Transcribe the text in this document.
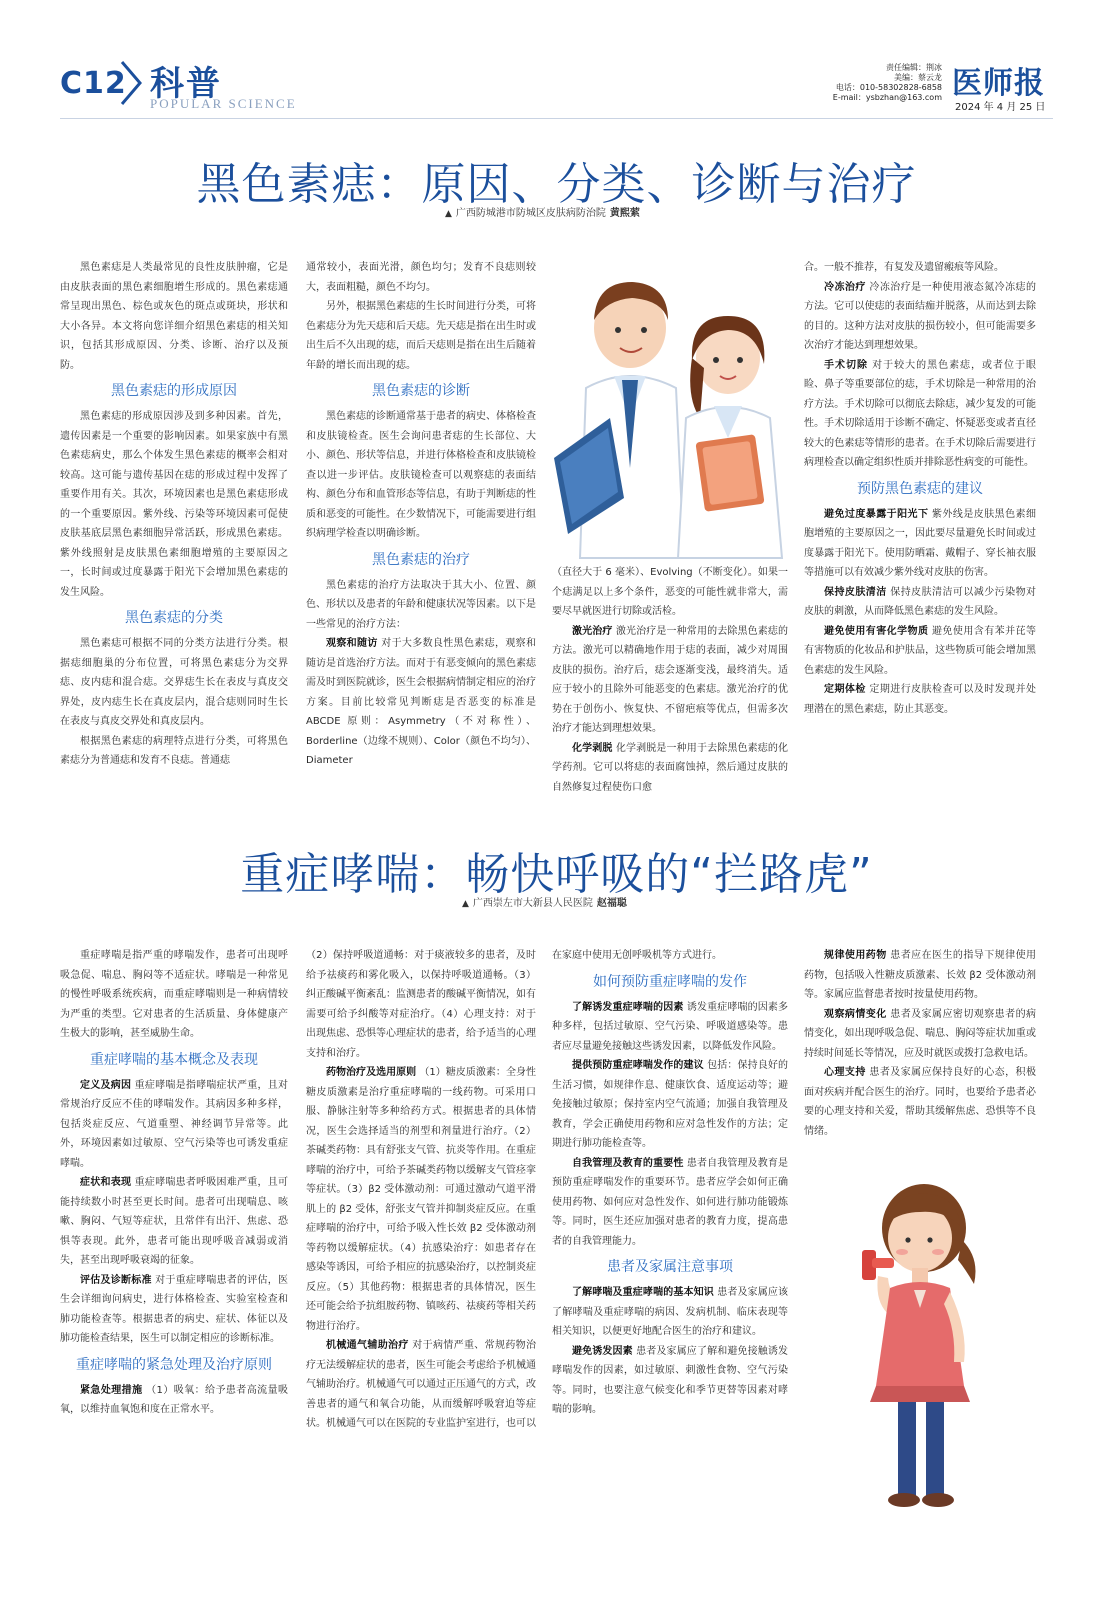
C12 科普
POPULAR SCIENCE
责任编辑：荆冰
美编：蔡云龙
电话：010-58302828-6858
E-mail：ysbzhan@163.com 医师报
2024 年 4 月 25 日
黑色素痣：原因、分类、诊断与治疗
▲ 广西防城港市防城区皮肤病防治院 黄熙萦

黑色素痣是人类最常见的良性皮肤肿瘤，它是由皮肤表面的黑色素细胞增生形成的。黑色素痣通常呈现出黑色、棕色或灰色的斑点或斑块，形状和大小各异。本文将向您详细介绍黑色素痣的相关知识，包括其形成原因、分类、诊断、治疗以及预防。

黑色素痣的形成原因

黑色素痣的形成原因涉及到多种因素。首先，遗传因素是一个重要的影响因素。如果家族中有黑色素痣病史，那么个体发生黑色素痣的概率会相对较高。这可能与遗传基因在痣的形成过程中发挥了重要作用有关。其次，环境因素也是黑色素痣形成的一个重要原因。紫外线、污染等环境因素可促使皮肤基底层黑色素细胞异常活跃，形成黑色素痣。紫外线照射是皮肤黑色素细胞增殖的主要原因之一，长时间或过度暴露于阳光下会增加黑色素痣的发生风险。

黑色素痣的分类

黑色素痣可根据不同的分类方法进行分类。根据痣细胞巢的分布位置，可将黑色素痣分为交界痣、皮内痣和混合痣。交界痣生长在表皮与真皮交界处，皮内痣生长在真皮层内，混合痣则同时生长在表皮与真皮交界处和真皮层内。

根据黑色素痣的病理特点进行分类，可将黑色素痣分为普通痣和发育不良痣。普通痣

通常较小，表面光滑，颜色均匀；发育不良痣则较大，表面粗糙，颜色不均匀。

另外，根据黑色素痣的生长时间进行分类，可将色素痣分为先天痣和后天痣。先天痣是指在出生时或出生后不久出现的痣，而后天痣则是指在出生后随着年龄的增长而出现的痣。

黑色素痣的诊断

黑色素痣的诊断通常基于患者的病史、体格检查和皮肤镜检查。医生会询问患者痣的生长部位、大小、颜色、形状等信息，并进行体格检查和皮肤镜检查以进一步评估。皮肤镜检查可以观察痣的表面结构、颜色分布和血管形态等信息，有助于判断痣的性质和恶变的可能性。在少数情况下，可能需要进行组织病理学检查以明确诊断。

黑色素痣的治疗

黑色素痣的治疗方法取决于其大小、位置、颜色、形状以及患者的年龄和健康状况等因素。以下是一些常见的治疗方法：

观察和随访 对于大多数良性黑色素痣，观察和随访是首选治疗方法。而对于有恶变倾向的黑色素痣需及时到医院就诊，医生会根据病情制定相应的治疗方案。目前比较常见判断痣是否恶变的标准是 ABCDE 原则：Asymmetry（不对称性）、Borderline（边缘不规则）、Color（颜色不均匀）、Diameter

（直径大于 6 毫米）、Evolving（不断变化）。如果一个痣满足以上多个条件，恶变的可能性就非常大，需要尽早就医进行切除或活检。

激光治疗 激光治疗是一种常用的去除黑色素痣的方法。激光可以精确地作用于痣的表面，减少对周围皮肤的损伤。治疗后，痣会逐渐变浅，最终消失。适应于较小的且除外可能恶变的色素痣。激光治疗的优势在于创伤小、恢复快、不留疤痕等优点，但需多次治疗才能达到理想效果。

化学剥脱 化学剥脱是一种用于去除黑色素痣的化学药剂。它可以将痣的表面腐蚀掉，然后通过皮肤的自然修复过程使伤口愈

合。一般不推荐，有复发及遗留瘢痕等风险。

冷冻治疗 冷冻治疗是一种使用液态氮冷冻痣的方法。它可以使痣的表面结痂并脱落，从而达到去除的目的。这种方法对皮肤的损伤较小，但可能需要多次治疗才能达到理想效果。

手术切除 对于较大的黑色素痣，或者位于眼睑、鼻子等重要部位的痣，手术切除是一种常用的治疗方法。手术切除可以彻底去除痣，减少复发的可能性。手术切除适用于诊断不确定、怀疑恶变或者直径较大的色素痣等情形的患者。在手术切除后需要进行病理检查以确定组织性质并排除恶性病变的可能性。

预防黑色素痣的建议

避免过度暴露于阳光下 紫外线是皮肤黑色素细胞增殖的主要原因之一，因此要尽量避免长时间或过度暴露于阳光下。使用防晒霜、戴帽子、穿长袖衣服等措施可以有效减少紫外线对皮肤的伤害。

保持皮肤清洁 保持皮肤清洁可以减少污染物对皮肤的刺激，从而降低黑色素痣的发生风险。

避免使用有害化学物质 避免使用含有苯并芘等有害物质的化妆品和护肤品，这些物质可能会增加黑色素痣的发生风险。

定期体检 定期进行皮肤检查可以及时发现并处理潜在的黑色素痣，防止其恶变。

重症哮喘：畅快呼吸的“拦路虎”
▲ 广西崇左市大新县人民医院 赵福聪

重症哮喘是指严重的哮喘发作，患者可出现呼吸急促、喘息、胸闷等不适症状。哮喘是一种常见的慢性呼吸系统疾病，而重症哮喘则是一种病情较为严重的类型。它对患者的生活质量、身体健康产生极大的影响，甚至威胁生命。

重症哮喘的基本概念及表现

定义及病因 重症哮喘是指哮喘症状严重，且对常规治疗反应不佳的哮喘发作。其病因多种多样，包括炎症反应、气道重塑、神经调节异常等。此外，环境因素如过敏原、空气污染等也可诱发重症哮喘。

症状和表现 重症哮喘患者呼吸困难严重，且可能持续数小时甚至更长时间。患者可出现喘息、咳嗽、胸闷、气短等症状，且常伴有出汗、焦虑、恐惧等表现。此外，患者可能出现呼吸音减弱或消失，甚至出现呼吸衰竭的征象。

评估及诊断标准 对于重症哮喘患者的评估，医生会详细询问病史，进行体格检查、实验室检查和肺功能检查等。根据患者的病史、症状、体征以及肺功能检查结果，医生可以制定相应的诊断标准。

重症哮喘的紧急处理及治疗原则

紧急处理措施 （1）吸氧：给予患者高流量吸氧，以维持血氧饱和度在正常水平。

（2）保持呼吸道通畅：对于痰液较多的患者，及时给予祛痰药和雾化吸入，以保持呼吸道通畅。（3）纠正酸碱平衡紊乱：监测患者的酸碱平衡情况，如有需要可给予纠酸等对症治疗。（4）心理支持：对于出现焦虑、恐惧等心理症状的患者，给予适当的心理支持和治疗。

药物治疗及选用原则 （1）糖皮质激素：全身性糖皮质激素是治疗重症哮喘的一线药物。可采用口服、静脉注射等多种给药方式。根据患者的具体情况，医生会选择适当的剂型和剂量进行治疗。（2）茶碱类药物：具有舒张支气管、抗炎等作用。在重症哮喘的治疗中，可给予茶碱类药物以缓解支气管痉挛等症状。（3）β2 受体激动剂：可通过激动气道平滑肌上的 β2 受体，舒张支气管并抑制炎症反应。在重症哮喘的治疗中，可给予吸入性长效 β2 受体激动剂等药物以缓解症状。（4）抗感染治疗：如患者存在感染等诱因，可给予相应的抗感染治疗，以控制炎症反应。（5）其他药物：根据患者的具体情况，医生还可能会给予抗组胺药物、镇咳药、祛痰药等相关药物进行治疗。

机械通气辅助治疗 对于病情严重、常规药物治疗无法缓解症状的患者，医生可能会考虑给予机械通气辅助治疗。机械通气可以通过正压通气的方式，改善患者的通气和氧合功能，从而缓解呼吸窘迫等症状。机械通气可以在医院的专业监护室进行，也可以

在家庭中使用无创呼吸机等方式进行。

如何预防重症哮喘的发作

了解诱发重症哮喘的因素 诱发重症哮喘的因素多种多样，包括过敏原、空气污染、呼吸道感染等。患者应尽量避免接触这些诱发因素，以降低发作风险。

提供预防重症哮喘发作的建议 包括：保持良好的生活习惯，如规律作息、健康饮食、适度运动等；避免接触过敏原；保持室内空气流通；加强自我管理及教育，学会正确使用药物和应对急性发作的方法；定期进行肺功能检查等。

自我管理及教育的重要性 患者自我管理及教育是预防重症哮喘发作的重要环节。患者应学会如何正确使用药物、如何应对急性发作、如何进行肺功能锻炼等。同时，医生还应加强对患者的教育力度，提高患者的自我管理能力。

患者及家属注意事项

了解哮喘及重症哮喘的基本知识 患者及家属应该了解哮喘及重症哮喘的病因、发病机制、临床表现等相关知识，以便更好地配合医生的治疗和建议。

避免诱发因素 患者及家属应了解和避免接触诱发哮喘发作的因素，如过敏原、刺激性食物、空气污染等。同时，也要注意气候变化和季节更替等因素对哮喘的影响。

规律使用药物 患者应在医生的指导下规律使用药物，包括吸入性糖皮质激素、长效 β2 受体激动剂等。家属应监督患者按时按量使用药物。

观察病情变化 患者及家属应密切观察患者的病情变化，如出现呼吸急促、喘息、胸闷等症状加重或持续时间延长等情况，应及时就医或拨打急救电话。

心理支持 患者及家属应保持良好的心态，积极面对疾病并配合医生的治疗。同时，也要给予患者必要的心理支持和关爱，帮助其缓解焦虑、恐惧等不良情绪。
